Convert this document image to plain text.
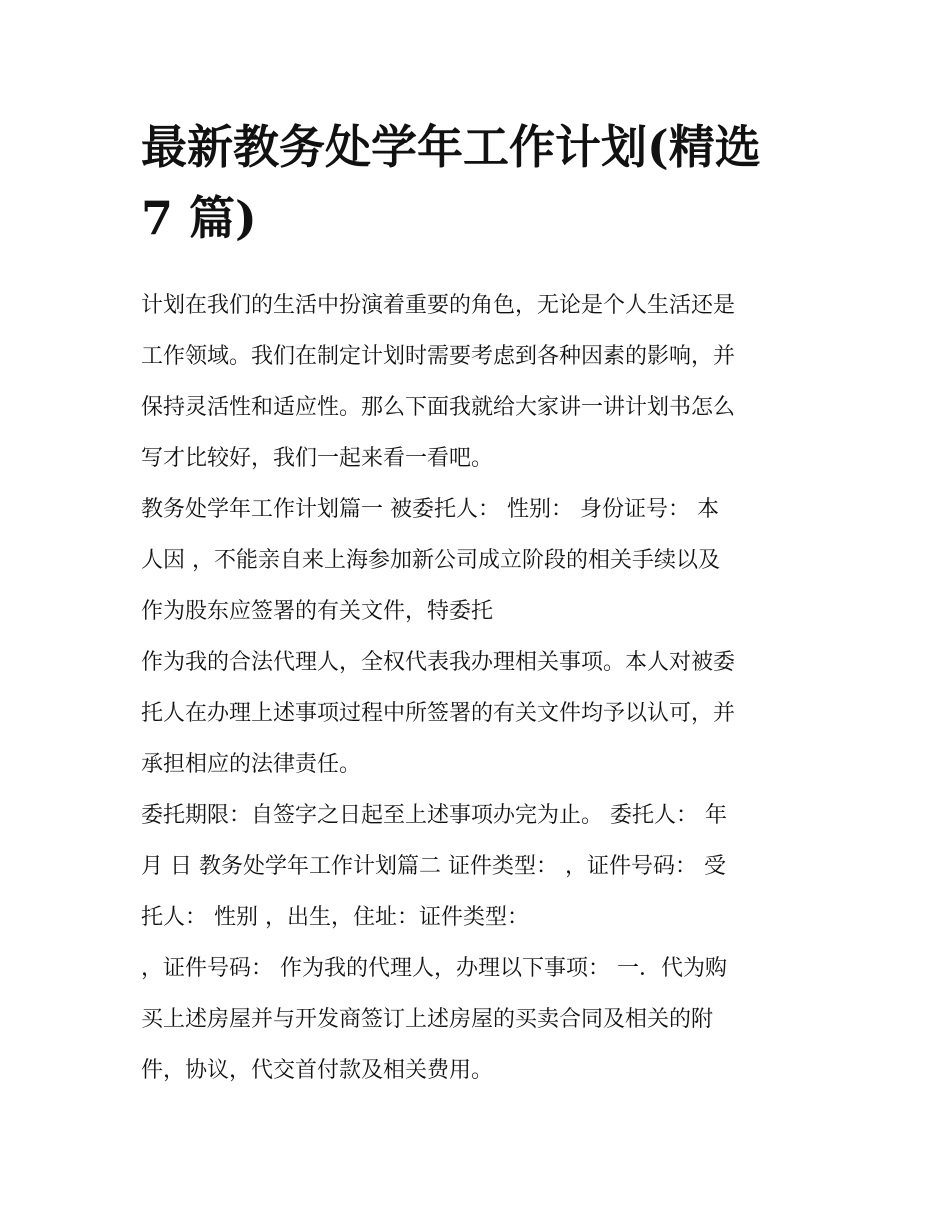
最新教务处学年工作计划(精选
7 篇)

计划在我们的生活中扮演着重要的角色，无论是个人生活还是
工作领域。我们在制定计划时需要考虑到各种因素的影响，并
保持灵活性和适应性。那么下面我就给大家讲一讲计划书怎么
写才比较好，我们一起来看一看吧。

教务处学年工作计划篇一 被委托人： 性别： 身份证号： 本
人因 ，不能亲自来上海参加新公司成立阶段的相关手续以及
作为股东应签署的有关文件，特委托

作为我的合法代理人，全权代表我办理相关事项。本人对被委
托人在办理上述事项过程中所签署的有关文件均予以认可，并
承担相应的法律责任。

委托期限：自签字之日起至上述事项办完为止。 委托人： 年
月 日 教务处学年工作计划篇二 证件类型： ，证件号码： 受
托人： 性别 ，出生，住址：证件类型：

，证件号码： 作为我的代理人，办理以下事项： 一．代为购
买上述房屋并与开发商签订上述房屋的买卖合同及相关的附
件，协议，代交首付款及相关费用。
